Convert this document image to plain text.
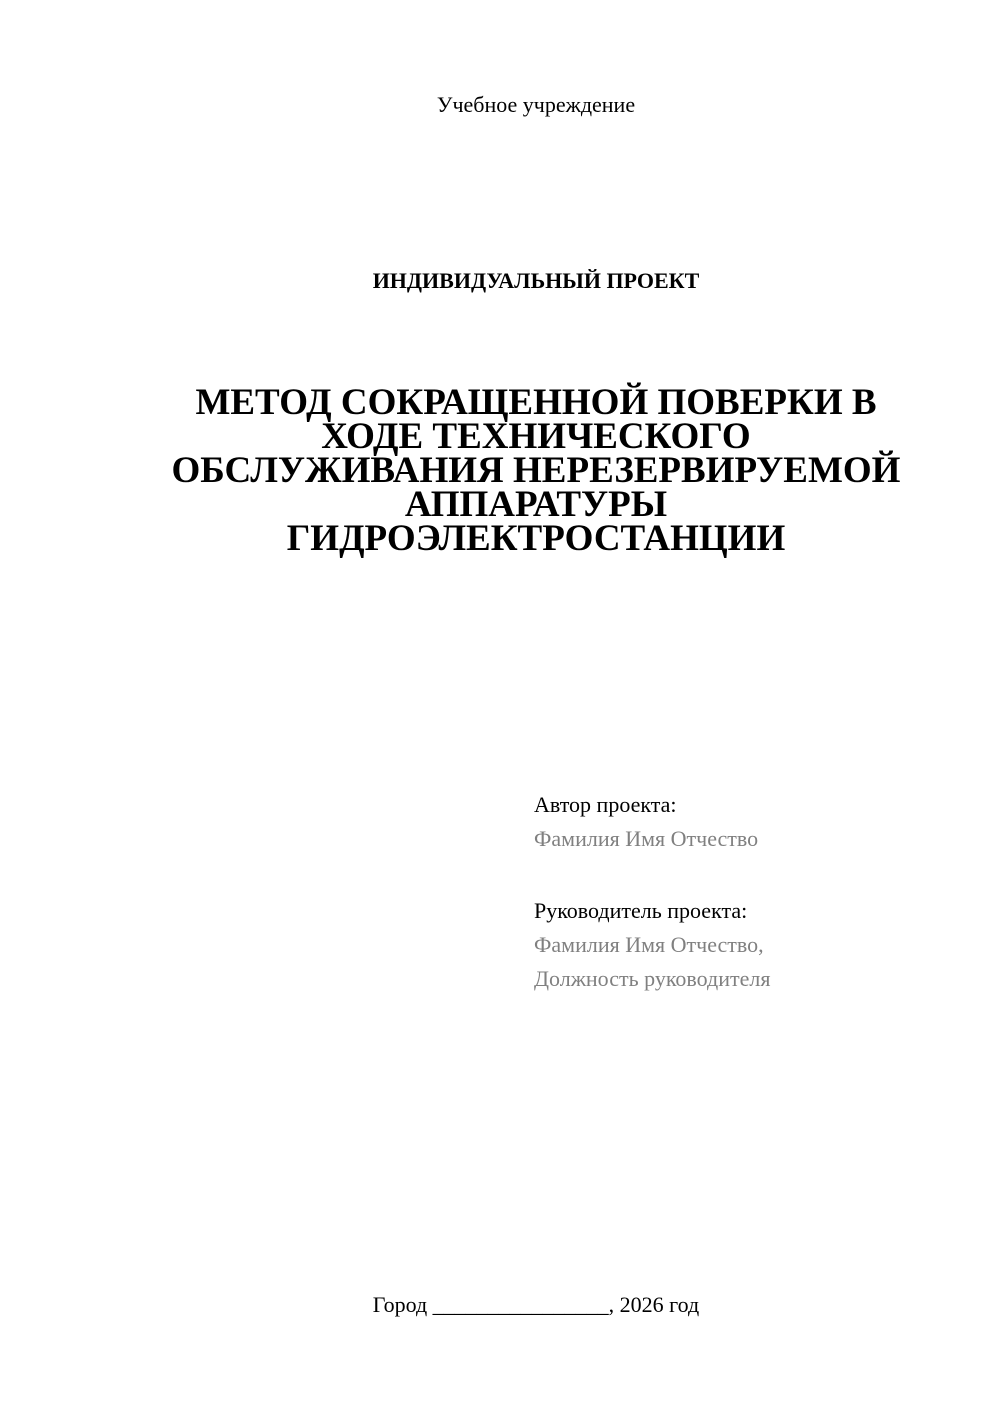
Учебное учреждение
ИНДИВИДУАЛЬНЫЙ ПРОЕКТ
МЕТОД СОКРАЩЕННОЙ ПОВЕРКИ В
ХОДЕ ТЕХНИЧЕСКОГО
ОБСЛУЖИВАНИЯ НЕРЕЗЕРВИРУЕМОЙ
АППАРАТУРЫ
ГИДРОЭЛЕКТРОСТАНЦИИ
Автор проекта:
Фамилия Имя Отчество
Руководитель проекта:
Фамилия Имя Отчество,
Должность руководителя
Город ________________, 2026 год
